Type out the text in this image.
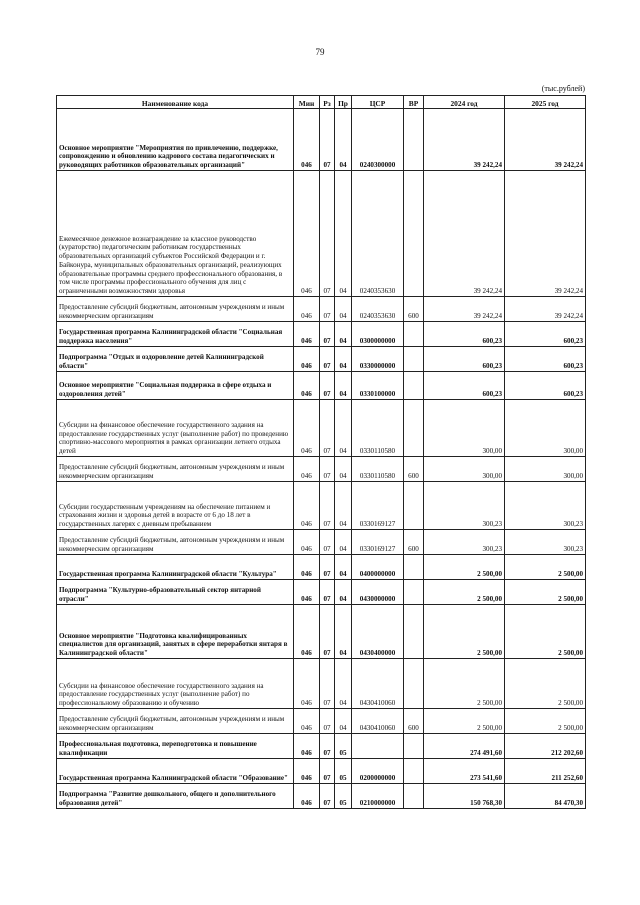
79
(тыс.рублей)
Наименование кода	Мин	Рз	Пр	ЦСР	ВР	2024 год	2025 год
Основное мероприятие "Мероприятия по привлечению, поддержке, сопровождению и обновлению кадрового состава педагогических и руководящих работников образовательных организаций"	046	07	04	0240300000		39 242,24	39 242,24
Ежемесячное денежное вознаграждение за классное руководство (кураторство) педагогическим работникам государственных образовательных организаций субъектов Российской Федерации и г. Байконура, муниципальных образовательных организаций, реализующих образовательные программы среднего профессионального образования, в том числе программы профессионального обучения для лиц с ограниченными возможностями здоровья	046	07	04	0240353630		39 242,24	39 242,24
Предоставление субсидий бюджетным, автономным учреждениям и иным некоммерческим организациям	046	07	04	0240353630	600	39 242,24	39 242,24
Государственная программа Калининградской области "Социальная поддержка населения"	046	07	04	0300000000		600,23	600,23
Подпрограмма "Отдых и оздоровление детей Калининградской области"	046	07	04	0330000000		600,23	600,23
Основное мероприятие "Социальная поддержка в сфере отдыха и оздоровления детей"	046	07	04	0330100000		600,23	600,23
Субсидии на финансовое обеспечение государственного задания на предоставление государственных услуг (выполнение работ) по проведению спортивно-массового мероприятия в рамках организации летнего отдыха детей	046	07	04	0330110580		300,00	300,00
Предоставление субсидий бюджетным, автономным учреждениям и иным некоммерческим организациям	046	07	04	0330110580	600	300,00	300,00
Субсидии государственным учреждениям на обеспечение питанием и страхования жизни и здоровья детей в возрасте от 6 до 18 лет в государственных лагерях с дневным пребыванием	046	07	04	0330169127		300,23	300,23
Предоставление субсидий бюджетным, автономным учреждениям и иным некоммерческим организациям	046	07	04	0330169127	600	300,23	300,23
Государственная программа Калининградской области "Культура"	046	07	04	0400000000		2 500,00	2 500,00
Подпрограмма "Культурно-образовательный сектор янтарной отрасли"	046	07	04	0430000000		2 500,00	2 500,00
Основное мероприятие "Подготовка квалифицированных специалистов для организаций, занятых в сфере переработки янтаря в Калининградской области"	046	07	04	0430400000		2 500,00	2 500,00
Субсидии на финансовое обеспечение государственного задания на предоставление государственных услуг (выполнение работ) по профессиональному образованию и обучению	046	07	04	0430410060		2 500,00	2 500,00
Предоставление субсидий бюджетным, автономным учреждениям и иным некоммерческим организациям	046	07	04	0430410060	600	2 500,00	2 500,00
Профессиональная подготовка, переподготовка и повышение квалификации	046	07	05			274 491,60	212 202,60
Государственная программа Калининградской области "Образование"	046	07	05	0200000000		273 541,60	211 252,60
Подпрограмма "Развитие дошкольного, общего и дополнительного образования детей"	046	07	05	0210000000		150 768,30	84 470,30
